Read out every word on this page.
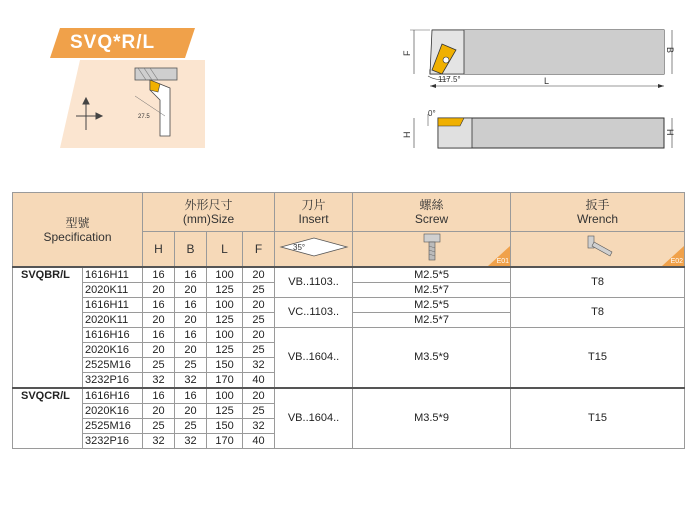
SVQ*R/L
27.5
F
B
L
117.5°
0°
H	H
型號
Specification		外形尺寸
(mm)Size				刀片
Insert	螺絲
Screw	扳手
Wrench

		H	B	L	F	35°	E01	E02

SVQBR/L	1616H11	16	16	100	20	VB..1103..	M2.5*5	T8
	2020K11	20	20	125	25		M2.5*7	
	1616H11	16	16	100	20	VC..1103..	M2.5*5	T8
	2020K11	20	20	125	25		M2.5*7	
	1616H16	16	16	100	20	VB..1604..	M3.5*9	T15
	2020K16	20	20	125	25			
	2525M16	25	25	150	32			
	3232P16	32	32	170	40			
SVQCR/L	1616H16	16	16	100	20	VB..1604..	M3.5*9	T15
	2020K16	20	20	125	25			
	2525M16	25	25	150	32			
	3232P16	32	32	170	40			
